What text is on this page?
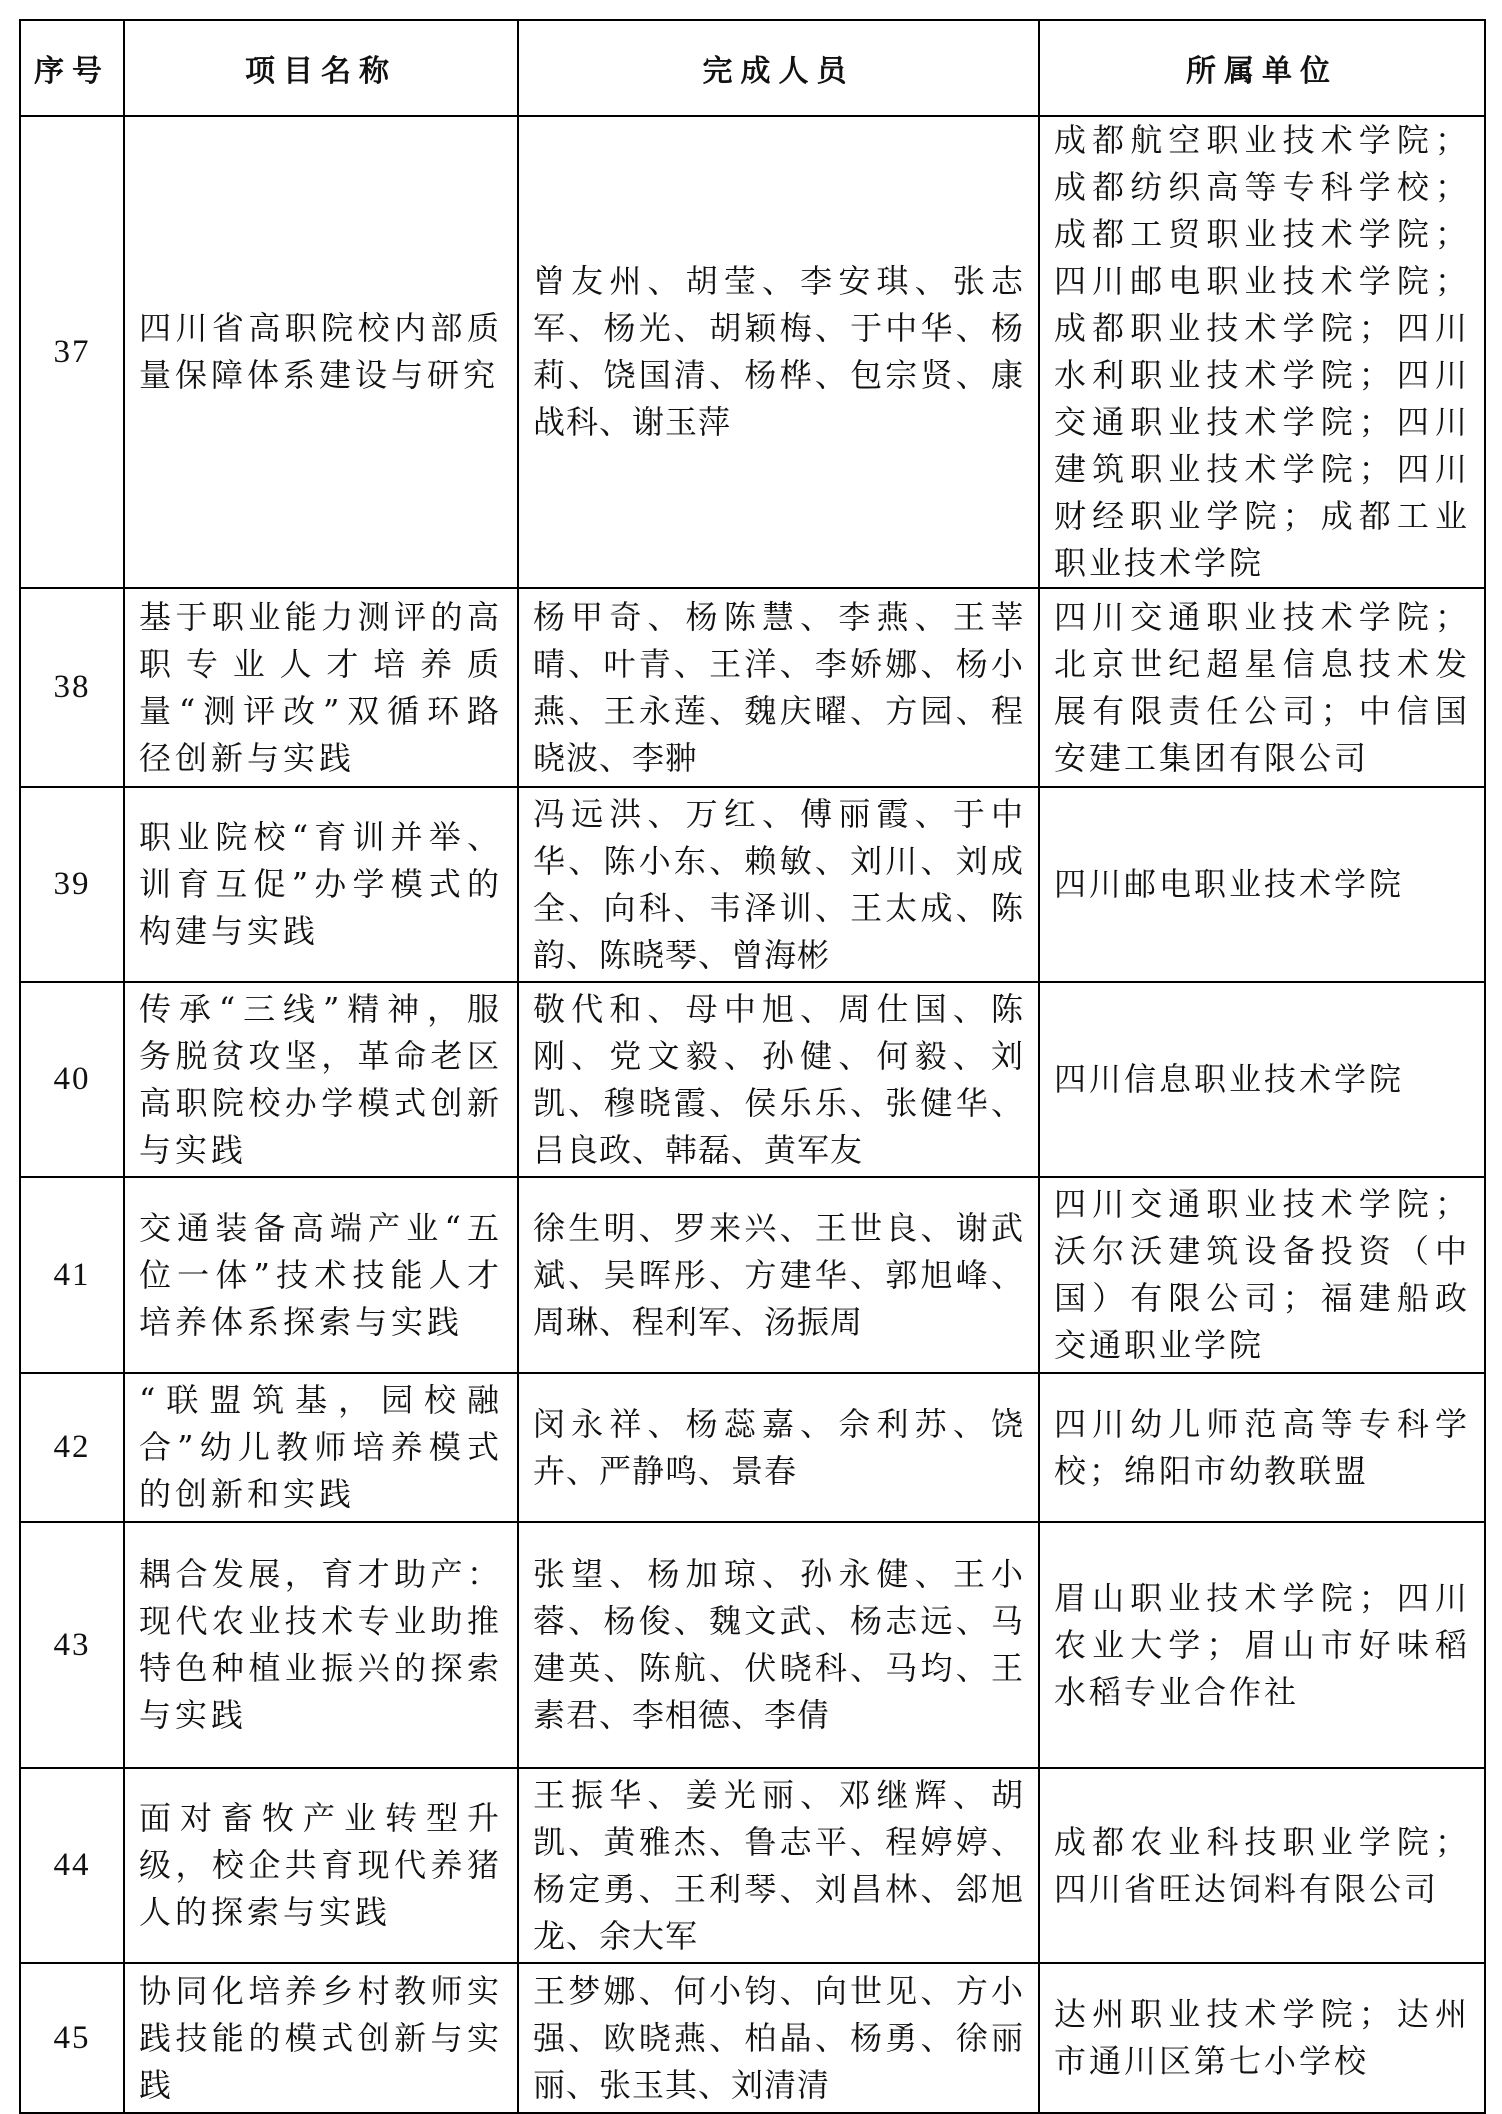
序号	项目名称	完成人员	所属单位
37	四川省高职院校内部质量保障体系建设与研究	曾友州、胡莹、李安琪、张志军、杨光、胡颖梅、于中华、杨莉、饶国清、杨桦、包宗贤、康战科、谢玉萍	成都航空职业技术学院；成都纺织高等专科学校；成都工贸职业技术学院；四川邮电职业技术学院；成都职业技术学院；四川水利职业技术学院；四川交通职业技术学院；四川建筑职业技术学院；四川财经职业学院；成都工业职业技术学院
38	基于职业能力测评的高职专业人才培养质量“测评改”双循环路径创新与实践	杨甲奇、杨陈慧、李燕、王莘晴、叶青、王洋、李娇娜、杨小燕、王永莲、魏庆曜、方园、程晓波、李翀	四川交通职业技术学院；北京世纪超星信息技术发展有限责任公司；中信国安建工集团有限公司
39	职业院校“育训并举、训育互促”办学模式的构建与实践	冯远洪、万红、傅丽霞、于中华、陈小东、赖敏、刘川、刘成全、向科、韦泽训、王太成、陈韵、陈晓琴、曾海彬	四川邮电职业技术学院
40	传承“三线”精神，服务脱贫攻坚，革命老区高职院校办学模式创新与实践	敬代和、母中旭、周仕国、陈刚、党文毅、孙健、何毅、刘凯、穆晓霞、侯乐乐、张健华、吕良政、韩磊、黄军友	四川信息职业技术学院
41	交通装备高端产业“五位一体”技术技能人才培养体系探索与实践	徐生明、罗来兴、王世良、谢武斌、吴晖彤、方建华、郭旭峰、周琳、程利军、汤振周	四川交通职业技术学院；沃尔沃建筑设备投资（中国）有限公司；福建船政交通职业学院
42	“联盟筑基，园校融合”幼儿教师培养模式的创新和实践	闵永祥、杨蕊嘉、佘利苏、饶卉、严静鸣、景春	四川幼儿师范高等专科学校；绵阳市幼教联盟
43	耦合发展，育才助产：现代农业技术专业助推特色种植业振兴的探索与实践	张望、杨加琼、孙永健、王小蓉、杨俊、魏文武、杨志远、马建英、陈航、伏晓科、马均、王素君、李相德、李倩	眉山职业技术学院；四川农业大学；眉山市好味稻水稻专业合作社
44	面对畜牧产业转型升级，校企共育现代养猪人的探索与实践	王振华、姜光丽、邓继辉、胡凯、黄雅杰、鲁志平、程婷婷、杨定勇、王利琴、刘昌林、郐旭龙、余大军	成都农业科技职业学院；四川省旺达饲料有限公司
45	协同化培养乡村教师实践技能的模式创新与实践	王梦娜、何小钧、向世见、方小强、欧晓燕、柏晶、杨勇、徐丽丽、张玉其、刘清清	达州职业技术学院；达州市通川区第七小学校
